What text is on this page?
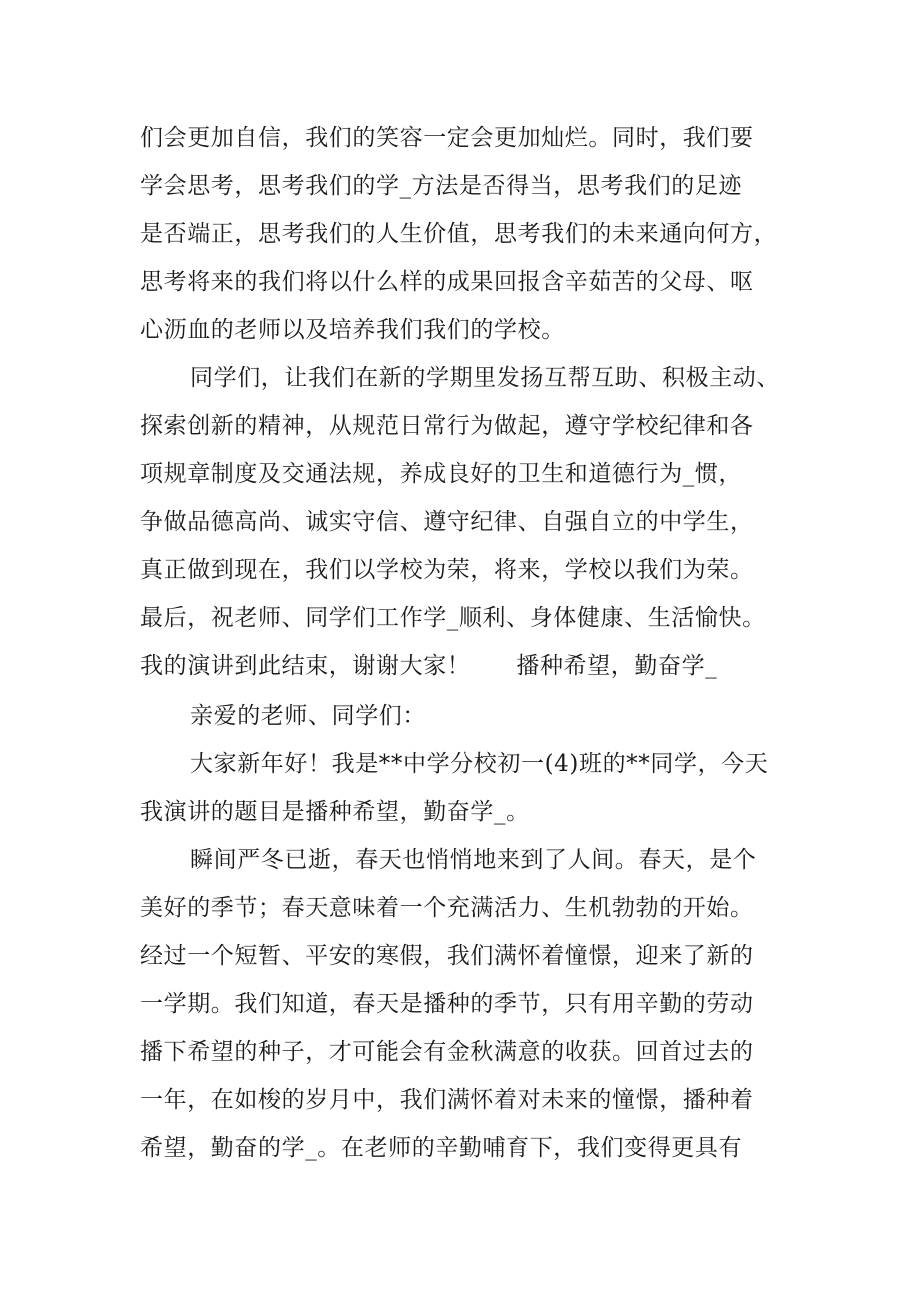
们会更加自信，我们的笑容一定会更加灿烂。同时，我们要
学会思考，思考我们的学_方法是否得当，思考我们的足迹
是否端正，思考我们的人生价值，思考我们的未来通向何方，
思考将来的我们将以什么样的成果回报含辛茹苦的父母、呕
心沥血的老师以及培养我们我们的学校。
同学们，让我们在新的学期里发扬互帮互助、积极主动、
探索创新的精神，从规范日常行为做起，遵守学校纪律和各
项规章制度及交通法规，养成良好的卫生和道德行为_惯，
争做品德高尚、诚实守信、遵守纪律、自强自立的中学生，
真正做到现在，我们以学校为荣，将来，学校以我们为荣。
最后，祝老师、同学们工作学_顺利、身体健康、生活愉快。
我的演讲到此结束，谢谢大家！ 播种希望，勤奋学_
亲爱的老师、同学们：
大家新年好！我是**中学分校初一(4)班的**同学，今天
我演讲的题目是播种希望，勤奋学_。
瞬间严冬已逝，春天也悄悄地来到了人间。春天，是个
美好的季节；春天意味着一个充满活力、生机勃勃的开始。
经过一个短暂、平安的寒假，我们满怀着憧憬，迎来了新的
一学期。我们知道，春天是播种的季节，只有用辛勤的劳动
播下希望的种子，才可能会有金秋满意的收获。回首过去的
一年，在如梭的岁月中，我们满怀着对未来的憧憬，播种着
希望，勤奋的学_。在老师的辛勤哺育下，我们变得更具有
